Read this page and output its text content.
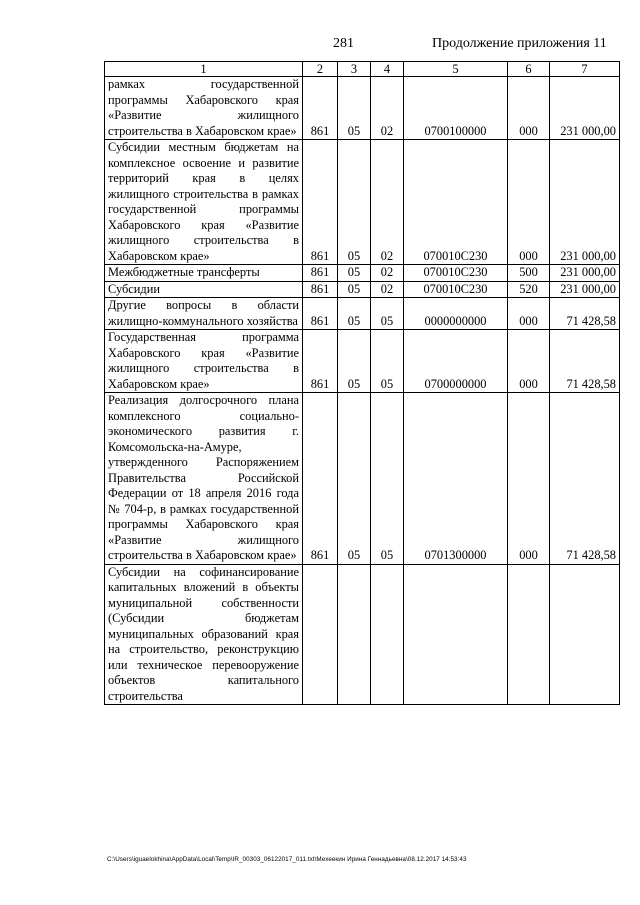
281	Продолжение приложения 11
1	2	3	4	5	6	7
рамках государственной программы Хабаровского края «Развитие жилищного строительства в Хабаровском крае»	861	05	02	0700100000	000	231 000,00
Субсидии местным бюджетам на комплексное освоение и развитие территорий края в целях жилищного строительства в рамках государственной программы Хабаровского края «Развитие жилищного строительства в Хабаровском крае»	861	05	02	070010С230	000	231 000,00
Межбюджетные трансферты	861	05	02	070010С230	500	231 000,00
Субсидии	861	05	02	070010С230	520	231 000,00
Другие вопросы в области жилищно-коммунального хозяйства	861	05	05	0000000000	000	71 428,58
Государственная программа Хабаровского края «Развитие жилищного строительства в Хабаровском крае»	861	05	05	0700000000	000	71 428,58
Реализация долгосрочного плана комплексного социально-экономического развития г. Комсомольска-на-Амуре, утвержденного Распоряжением Правительства Российской Федерации от 18 апреля 2016 года № 704-р, в рамках государственной программы Хабаровского края «Развитие жилищного строительства в Хабаровском крае»	861	05	05	0701300000	000	71 428,58
Субсидии на софинансирование капитальных вложений в объекты муниципальной собственности (Субсидии бюджетам муниципальных образований края на строительство, реконструкцию или техническое перевооружение объектов капитального строительства						
C:\Users\iguaelokhina\AppData\Local\Temp\IR_00303_06122017_011.txt\Мехеекин Ирина Геннадьевна\08.12.2017 14:53:43
